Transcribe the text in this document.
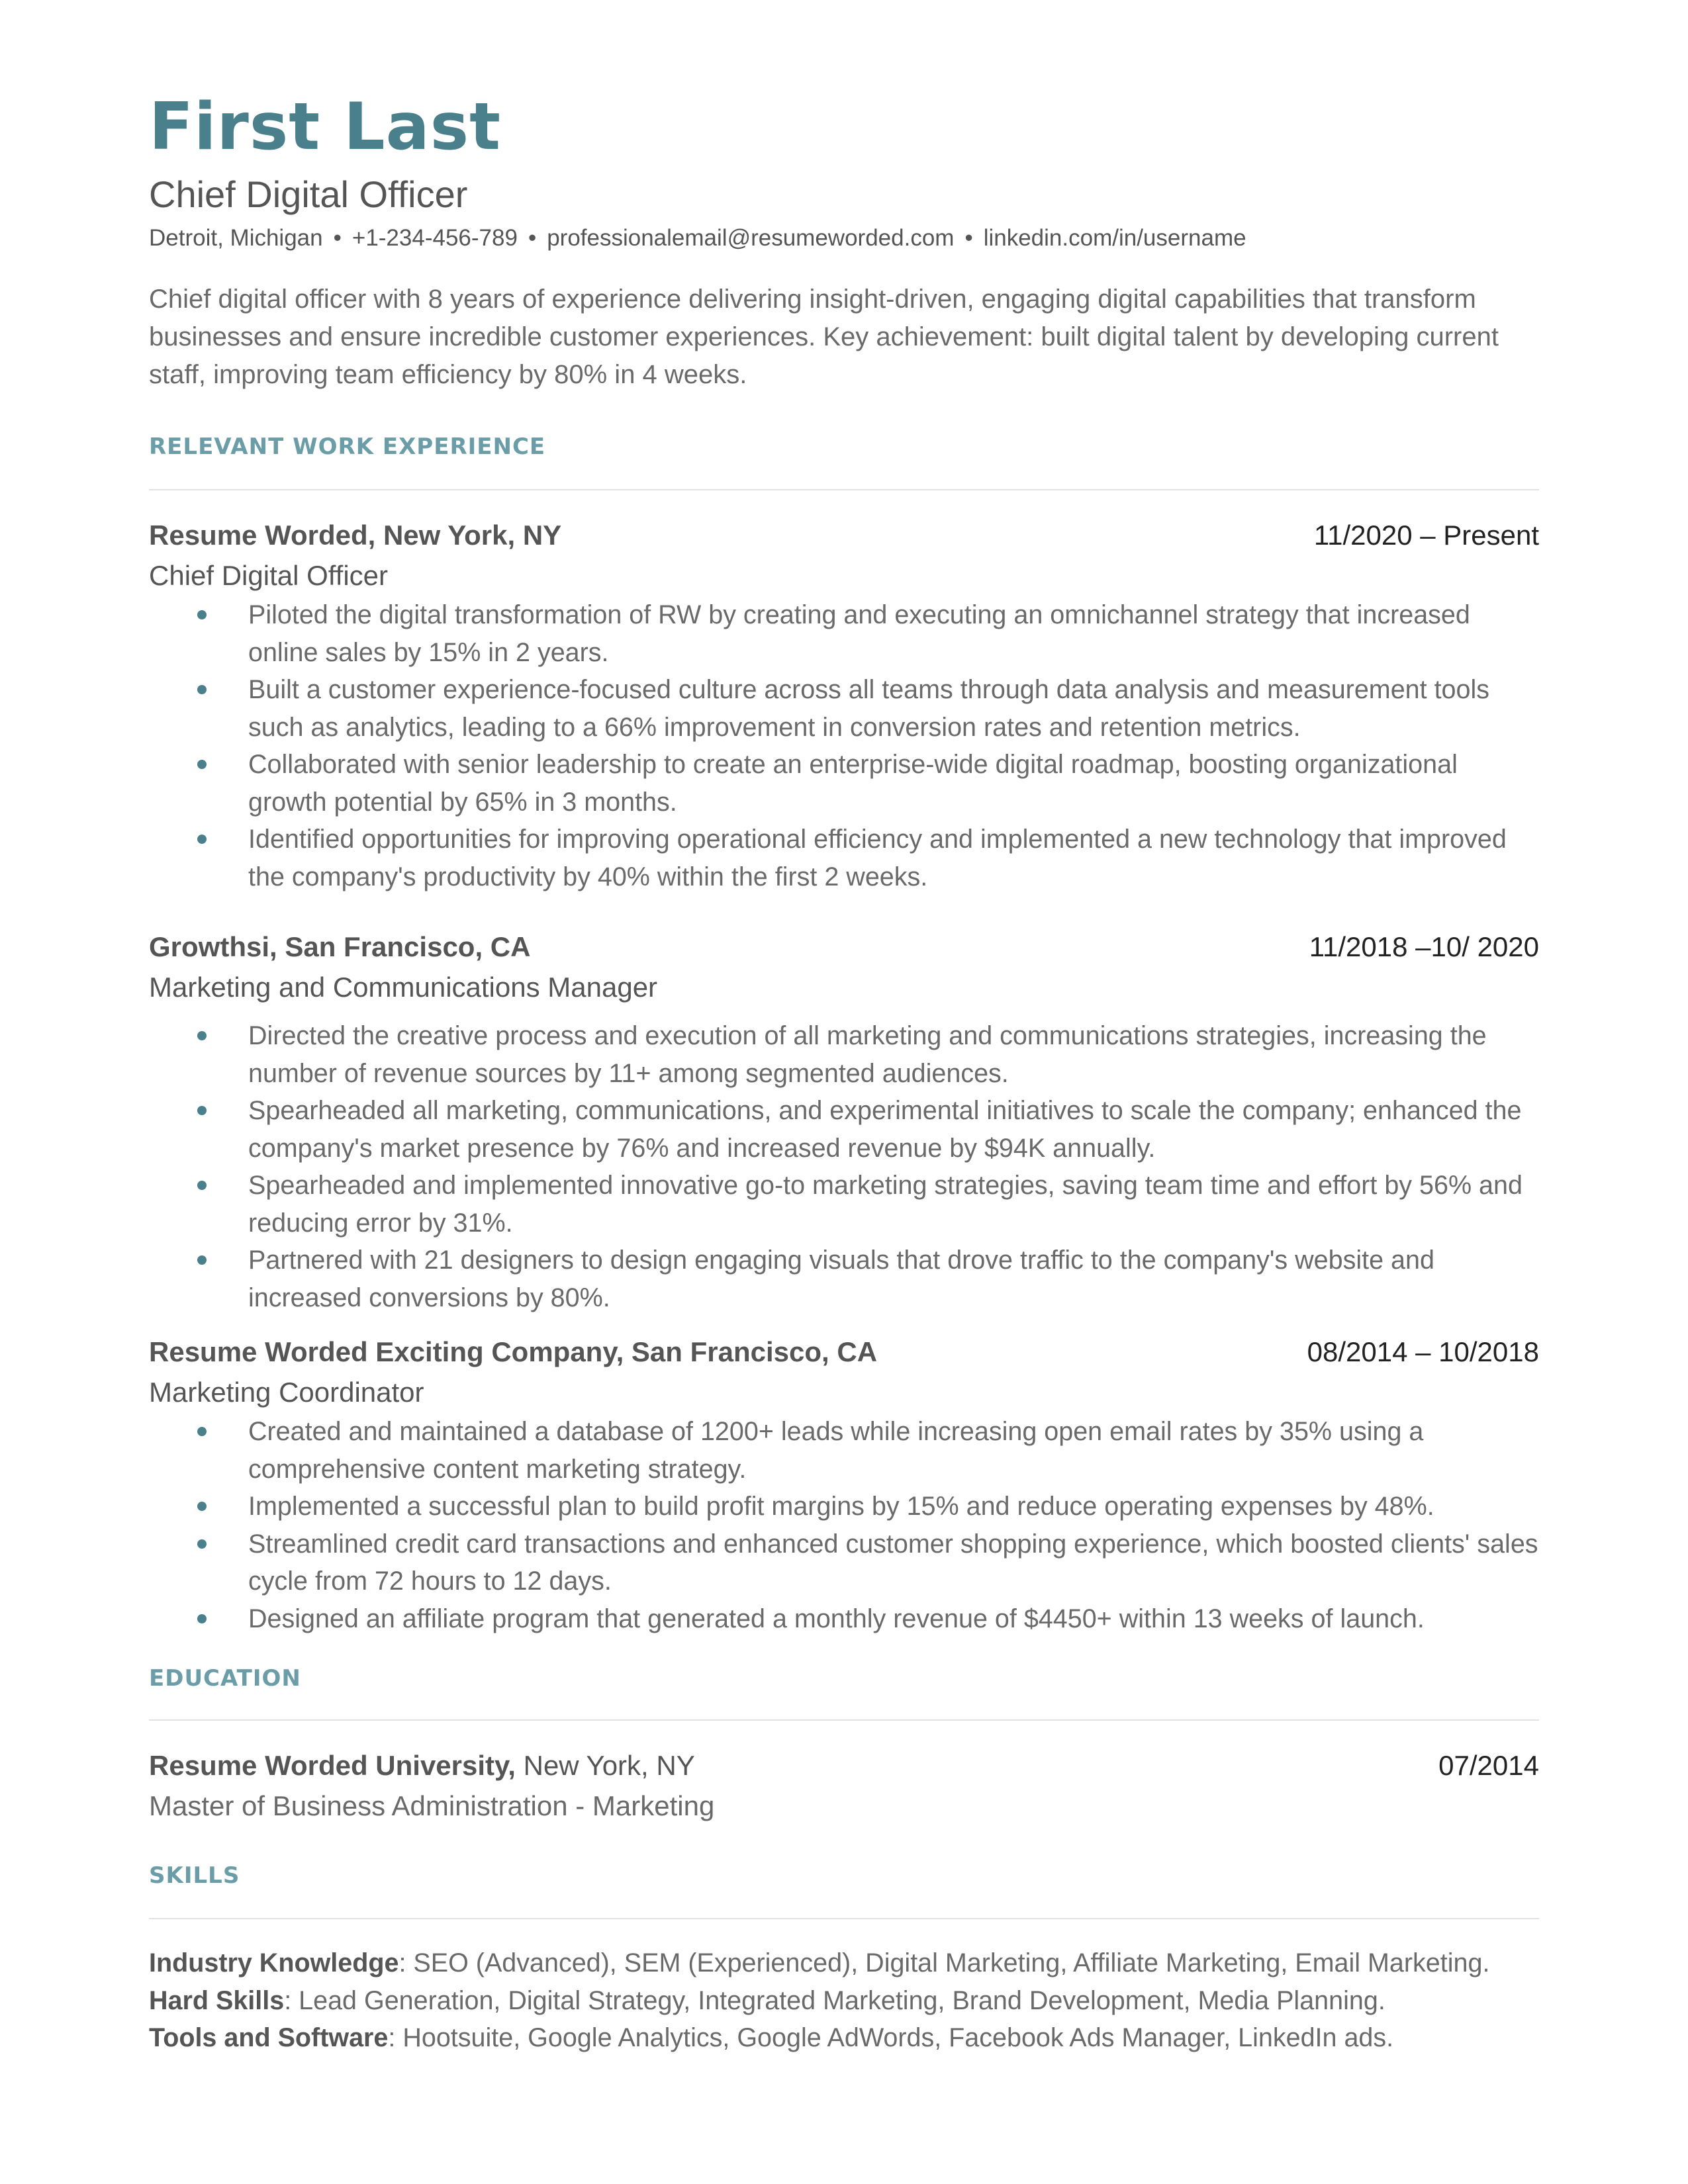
First Last
Chief Digital Officer
Detroit, Michigan • +1-234-456-789 • professionalemail@resumeworded.com • linkedin.com/in/username
Chief digital officer with 8 years of experience delivering insight-driven, engaging digital capabilities that transform businesses and ensure incredible customer experiences. Key achievement: built digital talent by developing current staff, improving team efficiency by 80% in 4 weeks.
RELEVANT WORK EXPERIENCE
Resume Worded, New York, NY	11/2020 – Present
Chief Digital Officer
Piloted the digital transformation of RW by creating and executing an omnichannel strategy that increased online sales by 15% in 2 years.
Built a customer experience-focused culture across all teams through data analysis and measurement tools such as analytics, leading to a 66% improvement in conversion rates and retention metrics.
Collaborated with senior leadership to create an enterprise-wide digital roadmap, boosting organizational growth potential by 65% in 3 months.
Identified opportunities for improving operational efficiency and implemented a new technology that improved the company's productivity by 40% within the first 2 weeks.
Growthsi, San Francisco, CA	11/2018 –10/ 2020
Marketing and Communications Manager
Directed the creative process and execution of all marketing and communications strategies, increasing the number of revenue sources by 11+ among segmented audiences.
Spearheaded all marketing, communications, and experimental initiatives to scale the company; enhanced the company's market presence by 76% and increased revenue by $94K annually.
Spearheaded and implemented innovative go-to marketing strategies, saving team time and effort by 56% and reducing error by 31%.
Partnered with 21 designers to design engaging visuals that drove traffic to the company's website and increased conversions by 80%.
Resume Worded Exciting Company, San Francisco, CA	08/2014 – 10/2018
Marketing Coordinator
Created and maintained a database of 1200+ leads while increasing open email rates by 35% using a comprehensive content marketing strategy.
Implemented a successful plan to build profit margins by 15% and reduce operating expenses by 48%.
Streamlined credit card transactions and enhanced customer shopping experience, which boosted clients' sales cycle from 72 hours to 12 days.
Designed an affiliate program that generated a monthly revenue of $4450+ within 13 weeks of launch.
EDUCATION
Resume Worded University, New York, NY	07/2014
Master of Business Administration - Marketing
SKILLS
Industry Knowledge: SEO (Advanced), SEM (Experienced), Digital Marketing, Affiliate Marketing, Email Marketing.
Hard Skills: Lead Generation, Digital Strategy, Integrated Marketing, Brand Development, Media Planning.
Tools and Software: Hootsuite, Google Analytics, Google AdWords, Facebook Ads Manager, LinkedIn ads.
